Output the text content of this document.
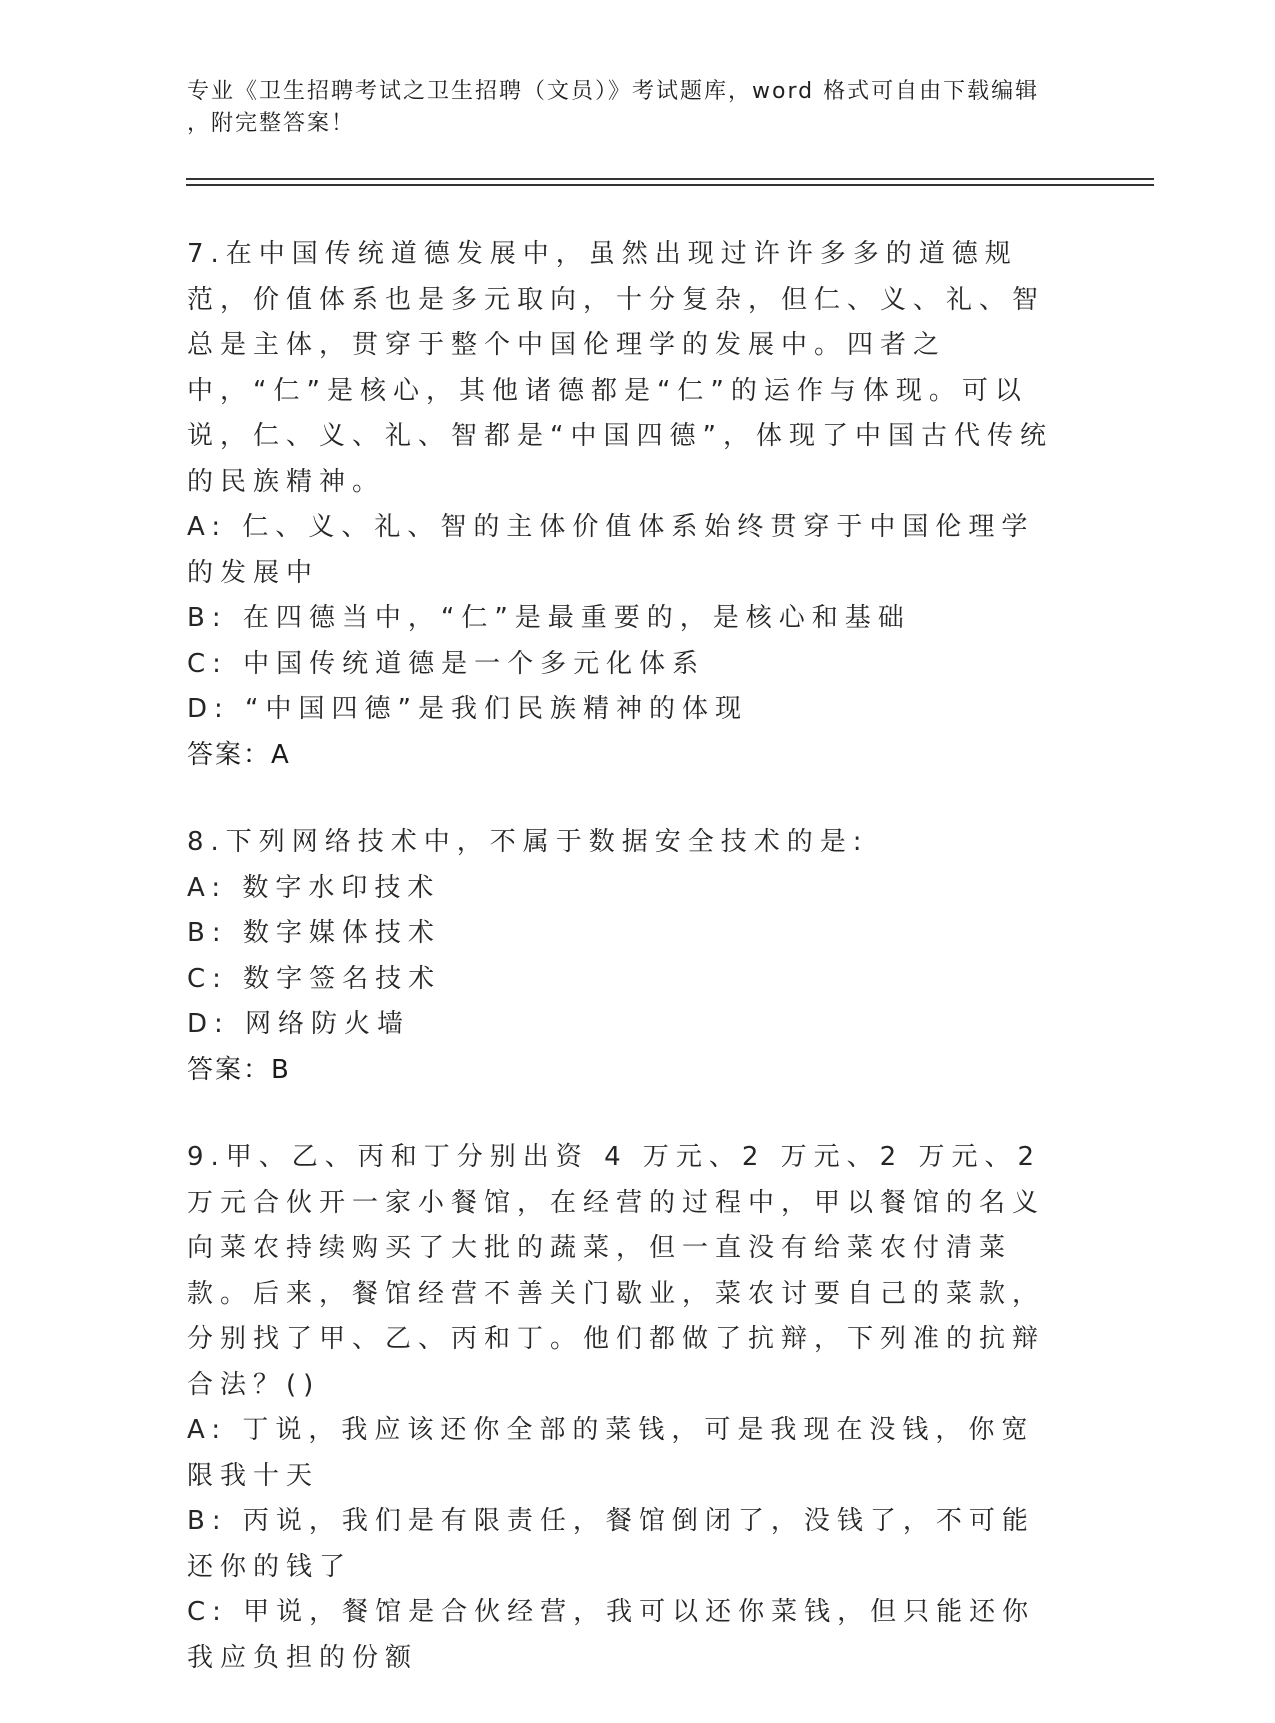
专业《卫生招聘考试之卫生招聘（文员）》考试题库，word 格式可自由下载编辑
，附完整答案！
7.在中国传统道德发展中，虽然出现过许许多多的道德规范，价值体系也是多元取向，十分复杂，但仁、义、礼、智总是主体，贯穿于整个中国伦理学的发展中。四者之中，“仁”是核心，其他诸德都是“仁”的运作与体现。可以说，仁、义、礼、智都是“中国四德”，体现了中国古代传统的民族精神。
A: 仁、义、礼、智的主体价值体系始终贯穿于中国伦理学的发展中
B: 在四德当中，“仁”是最重要的，是核心和基础
C: 中国传统道德是一个多元化体系
D: “中国四德”是我们民族精神的体现
答案：A
8.下列网络技术中，不属于数据安全技术的是:
A: 数字水印技术
B: 数字媒体技术
C: 数字签名技术
D: 网络防火墙
答案：B
9.甲、乙、丙和丁分别出资 4 万元、2 万元、2 万元、2 万元合伙开一家小餐馆，在经营的过程中，甲以餐馆的名义向菜农持续购买了大批的蔬菜，但一直没有给菜农付清菜款。后来，餐馆经营不善关门歇业，菜农讨要自己的菜款，分别找了甲、乙、丙和丁。他们都做了抗辩，下列准的抗辩合法？()
A: 丁说，我应该还你全部的菜钱，可是我现在没钱，你宽限我十天
B: 丙说，我们是有限责任，餐馆倒闭了，没钱了，不可能还你的钱了
C: 甲说，餐馆是合伙经营，我可以还你菜钱，但只能还你我应负担的份额
